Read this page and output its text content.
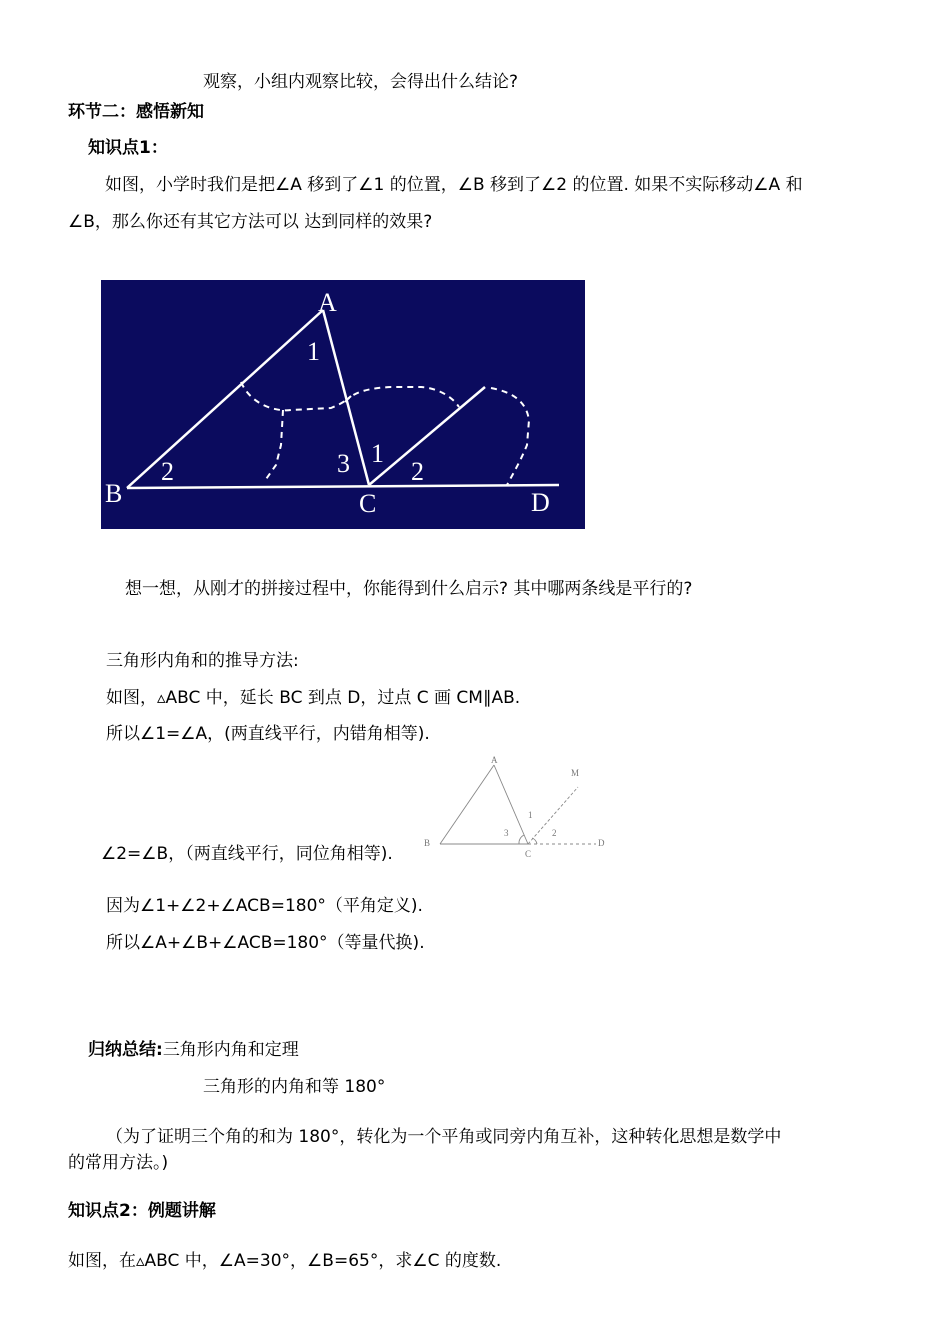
观察，小组内观察比较，会得出什么结论?
环节二：感悟新知
知识点1：
如图，小学时我们是把∠A 移到了∠1 的位置，∠B 移到了∠2 的位置. 如果不实际移动∠A 和
∠B，那么你还有其它方法可以 达到同样的效果?
A
B	C	D
1
1
2	2
3
想一想，从刚才的拼接过程中，你能得到什么启示? 其中哪两条线是平行的?
三角形内角和的推导方法:
如图，▵ABC 中，延长 BC 到点 D，过点 C 画 CM∥AB.
所以∠1=∠A，(两直线平行，内错角相等).
A
B
C
D
M
1
2
3
∠2=∠B，（两直线平行，同位角相等).
因为∠1+∠2+∠ACB=180°（平角定义).
所以∠A+∠B+∠ACB=180°（等量代换).
归纳总结:三角形内角和定理
三角形的内角和等 180°
（为了证明三个角的和为 180°，转化为一个平角或同旁内角互补，这种转化思想是数学中
的常用方法。)
知识点2：例题讲解
如图，在▵ABC 中，∠A=30°，∠B=65°，求∠C 的度数.
